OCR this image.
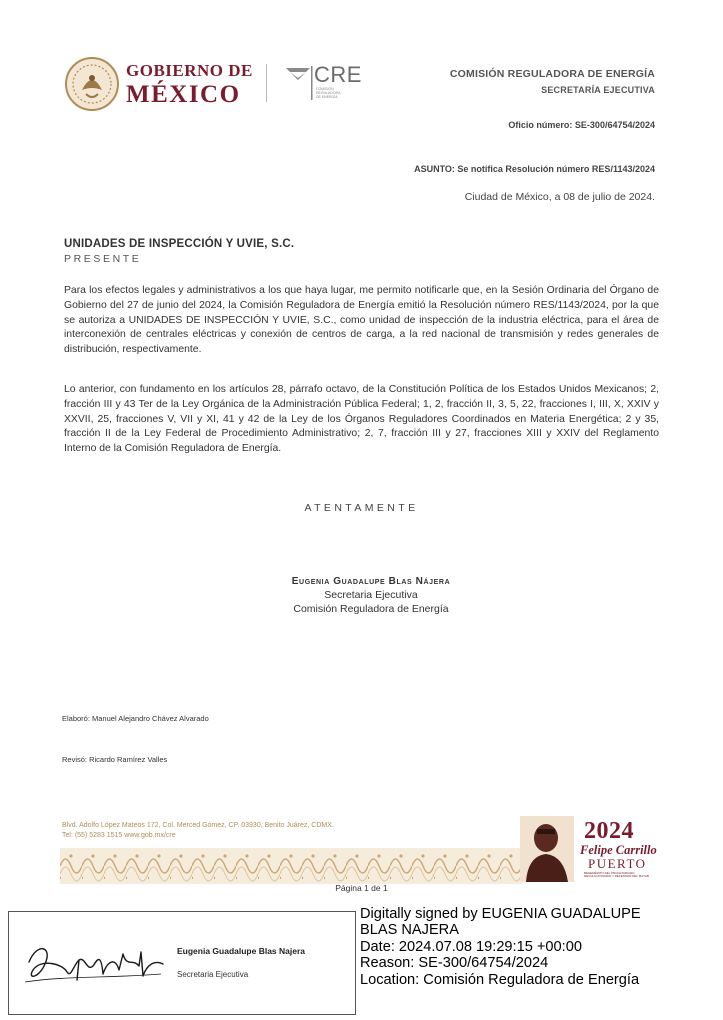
GOBIERNO DE
MÉXICO
CRE
COMISIÓN REGULADORA DE ENERGÍA
COMISIÓN REGULADORA DE ENERGÍA
SECRETARÍA EJECUTIVA
Oficio número: SE-300/64754/2024
ASUNTO: Se notifica Resolución número RES/1143/2024
Ciudad de México, a 08 de julio de 2024.
UNIDADES DE INSPECCIÓN Y UVIE, S.C.
PRESENTE

Para los efectos legales y administrativos a los que haya lugar, me permito notificarle que, en la Sesión Ordinaria del Órgano de Gobierno del 27 de junio del 2024, la Comisión Reguladora de Energía emitió la Resolución número RES/1143/2024, por la que se autoriza a UNIDADES DE INSPECCIÓN Y UVIE, S.C., como unidad de inspección de la industria eléctrica, para el área de interconexión de centrales eléctricas y conexión de centros de carga, a la red nacional de transmisión y redes generales de distribución, respectivamente.

Lo anterior, con fundamento en los artículos 28, párrafo octavo, de la Constitución Política de los Estados Unidos Mexicanos; 2, fracción III y 43 Ter de la Ley Orgánica de la Administración Pública Federal; 1, 2, fracción II, 3, 5, 22, fracciones I, III, X, XXIV y XXVII, 25, fracciones V, VII y XI, 41 y 42 de la Ley de los Órganos Reguladores Coordinados en Materia Energética; 2 y 35, fracción II de la Ley Federal de Procedimiento Administrativo; 2, 7, fracción III y 27, fracciones XIII y XXIV del Reglamento Interno de la Comisión Reguladora de Energía.

ATENTAMENTE
Eugenia Guadalupe Blas Nájera
Secretaria Ejecutiva
Comisión Reguladora de Energía
Elaboró: Manuel Alejandro Chávez Alvarado
Revisó: Ricardo Ramírez Valles
Blvd. Adolfo López Mateos 172, Col. Merced Gómez, CP. 03930, Benito Juárez, CDMX.
Tel: (55) 5283 1515 www.gob.mx/cre	2024
Felipe Carrillo
PUERTO
BENEMÉRITO DEL PROLETARIADO, REVOLUCIONARIO Y DEFENSOR DEL MAYAB
Página 1 de 1
Eugenia Guadalupe Blas Najera
Secretaria Ejecutiva
Digitally signed by EUGENIA GUADALUPE
BLAS NAJERA
Date: 2024.07.08 19:29:15 +00:00
Reason: SE-300/64754/2024
Location: Comisión Reguladora de Energía
